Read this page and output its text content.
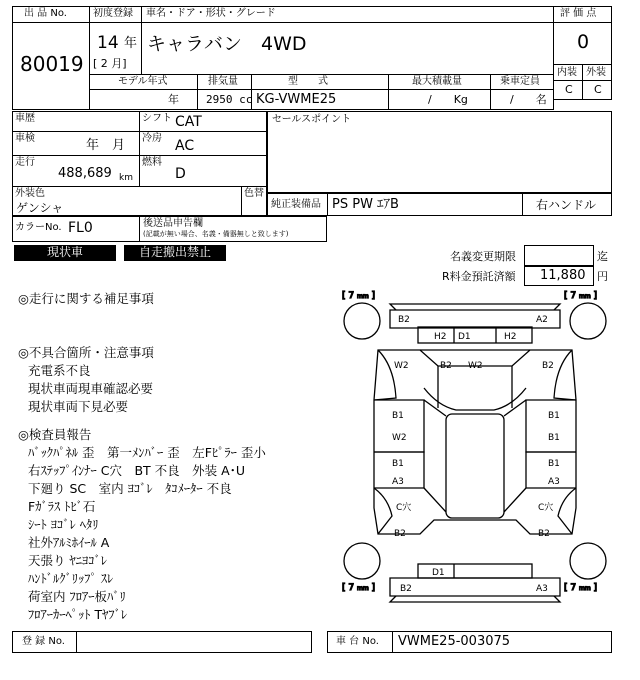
出 品 No.
80019
初度登録
14 年
[ 2 月]
車名・ドア・形状・グレード
キャラバン　4WD
モデル年式
年
排気量
2950 cc
型　　式
KG-VWME25
最大積載量
/　　Kg
乗車定員
/　　名
評 価 点
0
内装 外装
C C
車歴
車検	年　月
走行
488,689 km
シフト CAT
冷房 AC
燃料
D
セールスポイント
外装色
ゲンシャ
色替
純正装備品 PS PW ｴｱB	右ハンドル
カラーNo. FL0	後送品申告欄
(記載が無い場合、名義・備器無しと致します)
現状車	自走搬出禁止	名義変更期限	迄
R料金預託済額 11,880 円
◎走行に関する補足事項
◎不具合箇所・注意事項
充電系不良
現状車両現車確認必要
現状車両下見必要
◎検査員報告
ﾊﾞｯｸﾊﾟﾈﾙ 歪　第一ﾒﾝﾊﾞｰ 歪　左Fﾋﾟﾗｰ 歪小
右ｽﾃｯﾌﾟｲﾝﾅｰ C穴　BT 不良　外装 A･U
下廻り SC　室内 ﾖｺﾞﾚ　ﾀｺﾒｰﾀｰ 不良
Fｶﾞﾗｽ ﾄﾋﾞ石
ｼｰﾄ ﾖｺﾞﾚ ﾍﾀﾘ
社外ｱﾙﾐﾎｲｰﾙ A
天張り ﾔﾆﾖｺﾞﾚ
ﾊﾝﾄﾞﾙｸﾞﾘｯﾌﾟ ｽﾚ
荷室内 ﾌﾛｱｰ板ﾊﾞﾘ
ﾌﾛｱｰｶｰﾍﾟｯﾄ Tﾔﾌﾞﾚ
[ 7 mm ]	[ 7 mm ]
[ 7 mm ]	[ 7 mm ]
B2	A2
H2 D1	H2
W2	B2 W2	B2
B1
W2
B1
B1
B1
A3
B1
A3
C穴
B2
C穴
B2
D1
B2	A3
登 録 No.	車 台 No. VWME25-003075
